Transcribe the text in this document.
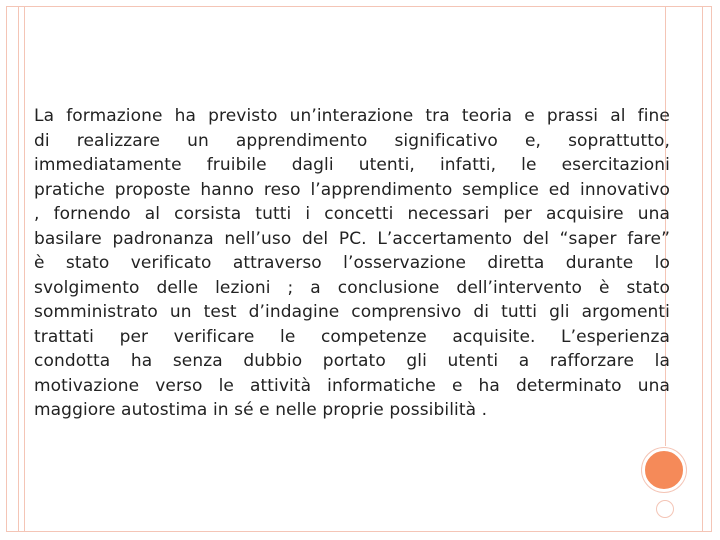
La formazione ha previsto un’interazione tra teoria e prassi al fine
di realizzare un apprendimento significativo e, soprattutto,
immediatamente fruibile dagli utenti, infatti, le esercitazioni
pratiche proposte hanno reso l’apprendimento semplice ed innovativo
, fornendo al corsista tutti i concetti necessari per acquisire una
basilare padronanza nell’uso del PC. L’accertamento del “saper fare”
è stato verificato attraverso l’osservazione diretta durante lo
svolgimento delle lezioni ; a conclusione dell’intervento è stato
somministrato un test d’indagine comprensivo di tutti gli argomenti
trattati per verificare le competenze acquisite. L’esperienza
condotta ha senza dubbio portato gli utenti a rafforzare la
motivazione verso le attività informatiche e ha determinato una
maggiore autostima in sé e nelle proprie possibilità .
